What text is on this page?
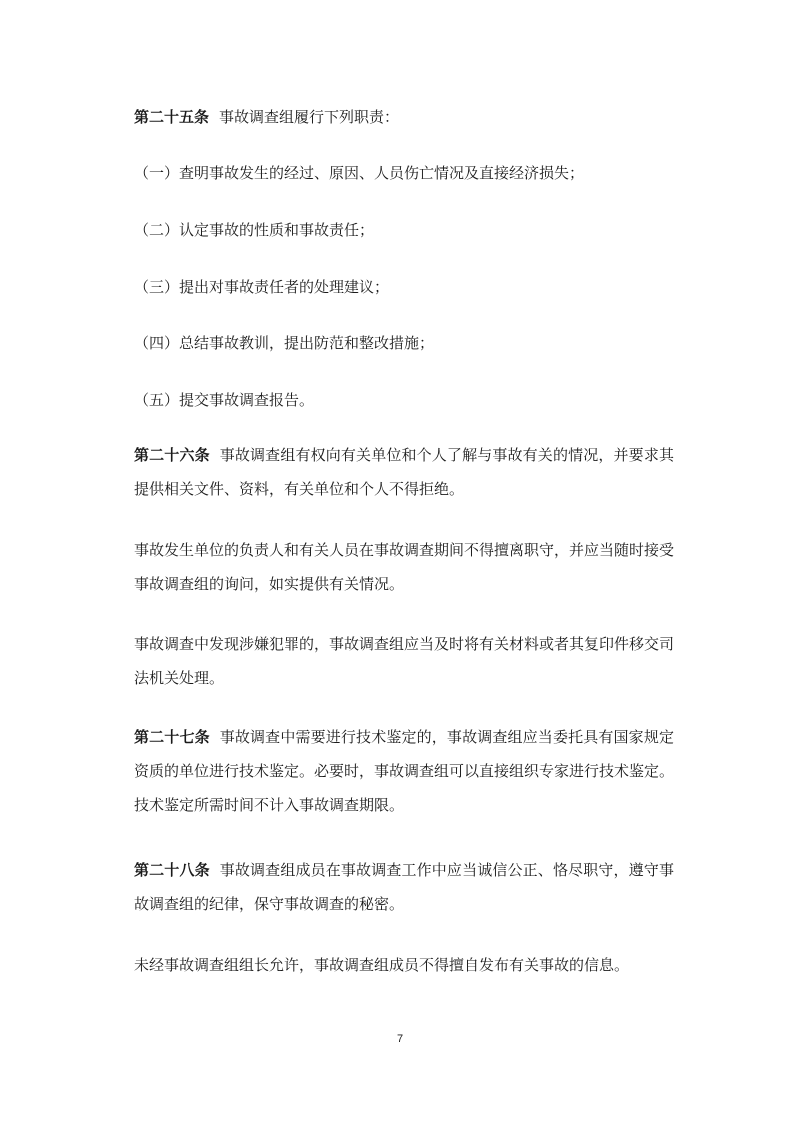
第二十五条 事故调查组履行下列职责：

（一）查明事故发生的经过、原因、人员伤亡情况及直接经济损失；

（二）认定事故的性质和事故责任；

（三）提出对事故责任者的处理建议；

（四）总结事故教训，提出防范和整改措施；

（五）提交事故调查报告。

第二十六条 事故调查组有权向有关单位和个人了解与事故有关的情况，并要求其提供相关文件、资料，有关单位和个人不得拒绝。

事故发生单位的负责人和有关人员在事故调查期间不得擅离职守，并应当随时接受事故调查组的询问，如实提供有关情况。

事故调查中发现涉嫌犯罪的，事故调查组应当及时将有关材料或者其复印件移交司法机关处理。

第二十七条 事故调查中需要进行技术鉴定的，事故调查组应当委托具有国家规定资质的单位进行技术鉴定。必要时，事故调查组可以直接组织专家进行技术鉴定。技术鉴定所需时间不计入事故调查期限。

第二十八条 事故调查组成员在事故调查工作中应当诚信公正、恪尽职守，遵守事故调查组的纪律，保守事故调查的秘密。

未经事故调查组组长允许，事故调查组成员不得擅自发布有关事故的信息。

7
